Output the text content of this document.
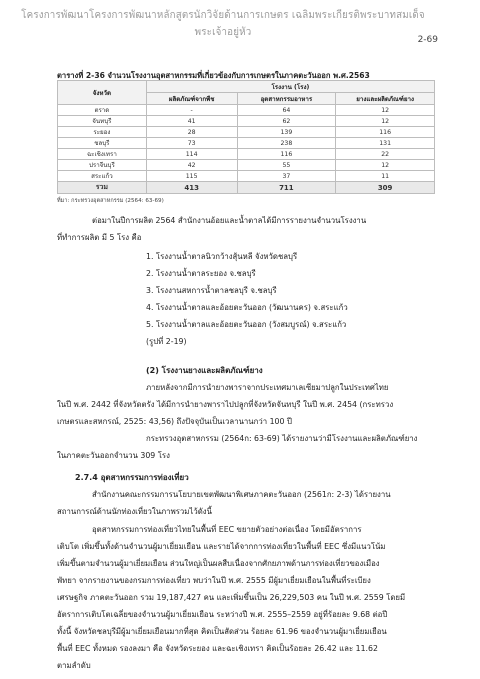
โครงการพัฒนาโครงการพัฒนาหลักสูตรนักวิจัยด้านการเกษตร เฉลิมพระเกียรติพระบาทสมเด็จพระเจ้าอยู่หัว
2-69
ตารางที่ 2-36 จำนวนโรงงานอุตสาหกรรมที่เกี่ยวข้องกับการเกษตรในภาคตะวันออก พ.ศ.2563
จังหวัด	โรงงาน (โรง)		
	ผลิตภัณฑ์จากพืช	อุตสาหกรรมอาหาร	ยางและผลิตภัณฑ์ยาง
ตราด	-	64	12
จันทบุรี	41	62	12
ระยอง	28	139	116
ชลบุรี	73	238	131
ฉะเชิงเทรา	114	116	22
ปราจีนบุรี	42	55	12
สระแก้ว	115	37	11
รวม	413	711	309
ที่มา: กระทรวงอุตสาหกรรม (2564: 63-69)
ต่อมาในปีการผลิต 2564 สำนักงานอ้อยและน้ำตาลได้มีการรายงานจำนวนโรงงาน
ที่ทำการผลิต มี 5 โรง คือ
1. โรงงานน้ำตาลนิวกว้างสุ้นหลี จังหวัดชลบุรี
2. โรงงานน้ำตาลระยอง จ.ชลบุรี
3. โรงงานสหการน้ำตาลชลบุรี จ.ชลบุรี
4. โรงงานน้ำตาลและอ้อยตะวันออก (วัฒนานคร) จ.สระแก้ว
5. โรงงานน้ำตาลและอ้อยตะวันออก (วังสมบูรณ์) จ.สระแก้ว
(รูปที่ 2-19)
(2) โรงงานยางและผลิตภัณฑ์ยาง
ภายหลังจากมีการนำยางพาราจากประเทศมาเลเซียมาปลูกในประเทศไทย
ในปี พ.ศ. 2442 ที่จังหวัดตรัง ได้มีการนำยางพาราไปปลูกที่จังหวัดจันทบุรี ในปี พ.ศ. 2454 (กระทรวง
เกษตรและสหกรณ์, 2525: 43,56) ถึงปัจจุบันเป็นเวลานานกว่า 100 ปี
กระทรวงอุตสาหกรรม (2564ก: 63-69) ได้รายงานว่ามีโรงงานและผลิตภัณฑ์ยาง
ในภาคตะวันออกจำนวน 309 โรง
2.7.4 อุตสาหกรรมการท่องเที่ยว
สำนักงานคณะกรรมการนโยบายเขตพัฒนาพิเศษภาคตะวันออก (2561ก: 2-3) ได้รายงาน
สถานการณ์ด้านนักท่องเที่ยวในภาพรวมไว้ดังนี้
อุตสาหกรรมการท่องเที่ยวไทยในพื้นที่ EEC ขยายตัวอย่างต่อเนื่อง โดยมีอัตราการ
เติบโต เพิ่มขึ้นทั้งด้านจำนวนผู้มาเยี่ยมเยือน และรายได้จากการท่องเที่ยวในพื้นที่ EEC ซึ่งมีแนวโน้ม
เพิ่มขึ้นตามจำนวนผู้มาเยี่ยมเยือน ส่วนใหญ่เป็นผลสืบเนื่องจากศักยภาพด้านการท่องเที่ยวของเมือง
พัทยา จากรายงานของกรมการท่องเที่ยว พบว่าในปี พ.ศ. 2555 มีผู้มาเยี่ยมเยือนในพื้นที่ระเบียง
เศรษฐกิจ ภาคตะวันออก รวม 19,187,427 คน และเพิ่มขึ้นเป็น 26,229,503 คน ในปี พ.ศ. 2559 โดยมี
อัตราการเติบโตเฉลี่ยของจำนวนผู้มาเยี่ยมเยือน ระหว่างปี พ.ศ. 2555–2559 อยู่ที่ร้อยละ 9.68 ต่อปี
ทั้งนี้ จังหวัดชลบุรีมีผู้มาเยี่ยมเยือนมากที่สุด คิดเป็นสัดส่วน ร้อยละ 61.96 ของจำนวนผู้มาเยี่ยมเยือน
พื้นที่ EEC ทั้งหมด รองลงมา คือ จังหวัดระยอง และฉะเชิงเทรา คิดเป็นร้อยละ 26.42 และ 11.62
ตามลำดับ
